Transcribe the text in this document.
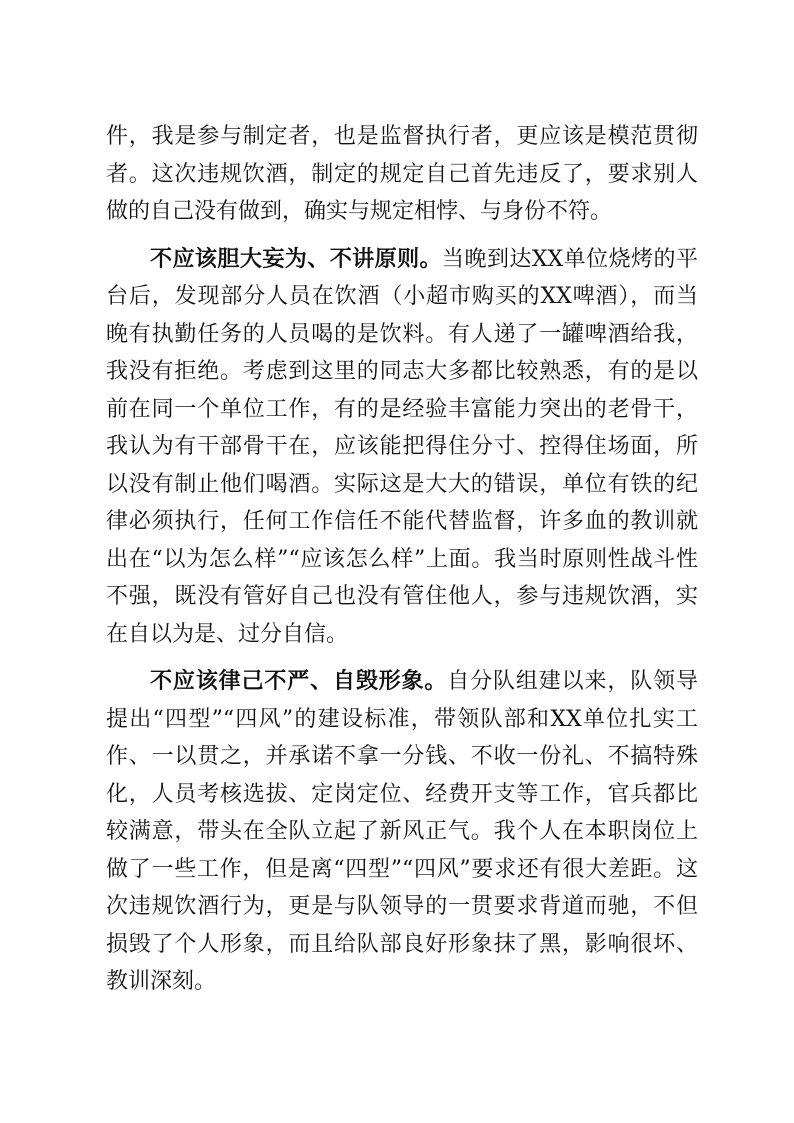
件，我是参与制定者，也是监督执行者，更应该是模范贯彻者。这次违规饮酒，制定的规定自己首先违反了，要求别人做的自己没有做到，确实与规定相悖、与身份不符。

不应该胆大妄为、不讲原则。当晚到达XX单位烧烤的平台后，发现部分人员在饮酒（小超市购买的XX啤酒），而当晚有执勤任务的人员喝的是饮料。有人递了一罐啤酒给我，我没有拒绝。考虑到这里的同志大多都比较熟悉，有的是以前在同一个单位工作，有的是经验丰富能力突出的老骨干，我认为有干部骨干在，应该能把得住分寸、控得住场面，所以没有制止他们喝酒。实际这是大大的错误，单位有铁的纪律必须执行，任何工作信任不能代替监督，许多血的教训就出在“以为怎么样”“应该怎么样”上面。我当时原则性战斗性不强，既没有管好自己也没有管住他人，参与违规饮酒，实在自以为是、过分自信。

不应该律己不严、自毁形象。自分队组建以来，队领导提出“四型”“四风”的建设标准，带领队部和XX单位扎实工作、一以贯之，并承诺不拿一分钱、不收一份礼、不搞特殊化，人员考核选拔、定岗定位、经费开支等工作，官兵都比较满意，带头在全队立起了新风正气。我个人在本职岗位上做了一些工作，但是离“四型”“四风”要求还有很大差距。这次违规饮酒行为，更是与队领导的一贯要求背道而驰，不但损毁了个人形象，而且给队部良好形象抹了黑，影响很坏、教训深刻。
